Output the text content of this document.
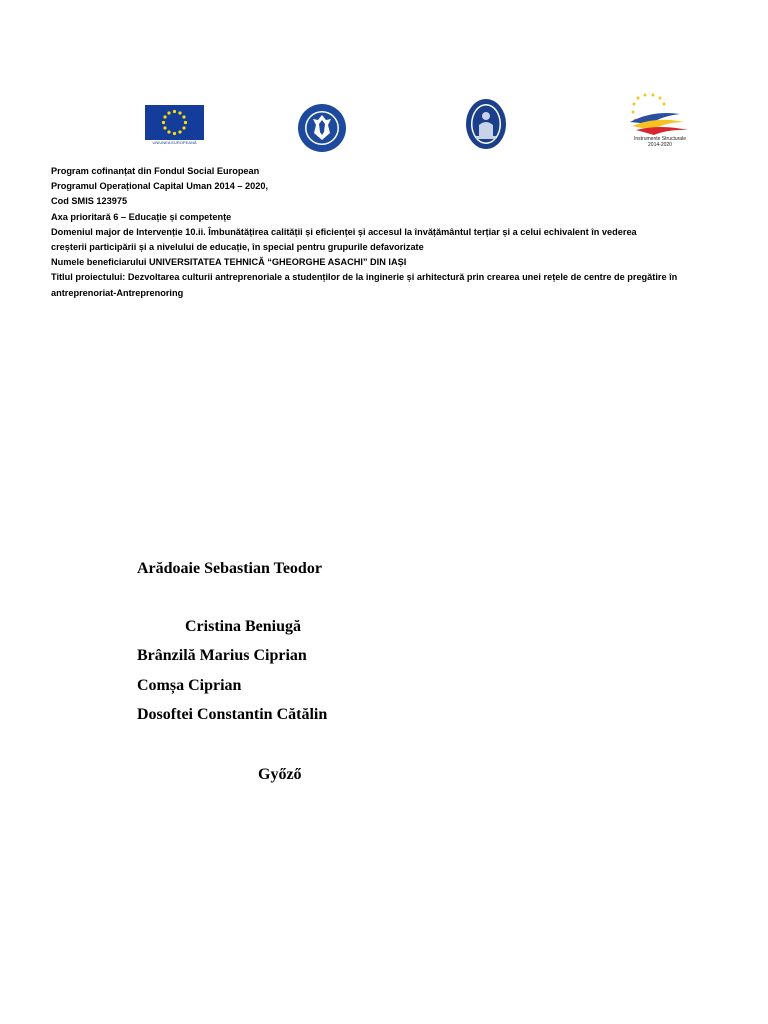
UNIUNEA EUROPEANĂ
Instrumente Structurale
2014-2020
Program cofinanțat din Fondul Social European
Programul Operațional Capital Uman 2014 – 2020,
Cod SMIS 123975
Axa prioritară 6 – Educație și competențe
Domeniul major de Intervenție 10.ii. Îmbunătățirea calității și eficienței și accesul la învățământul terțiar și a celui echivalent în vederea
creșterii participării și a nivelului de educație, în special pentru grupurile defavorizate
Numele beneficiarului UNIVERSITATEA TEHNICĂ “GHEORGHE ASACHI” DIN IAȘI
Titlul proiectului: Dezvoltarea culturii antreprenoriale a studenților de la inginerie și arhitectură prin crearea unei rețele de centre de pregătire în
antreprenoriat-Antreprenoring
Arădoaie Sebastian Teodor
Cristina Beniugă
Brânzilă Marius Ciprian
Comșa Ciprian
Dosoftei Constantin Cătălin
Győző
